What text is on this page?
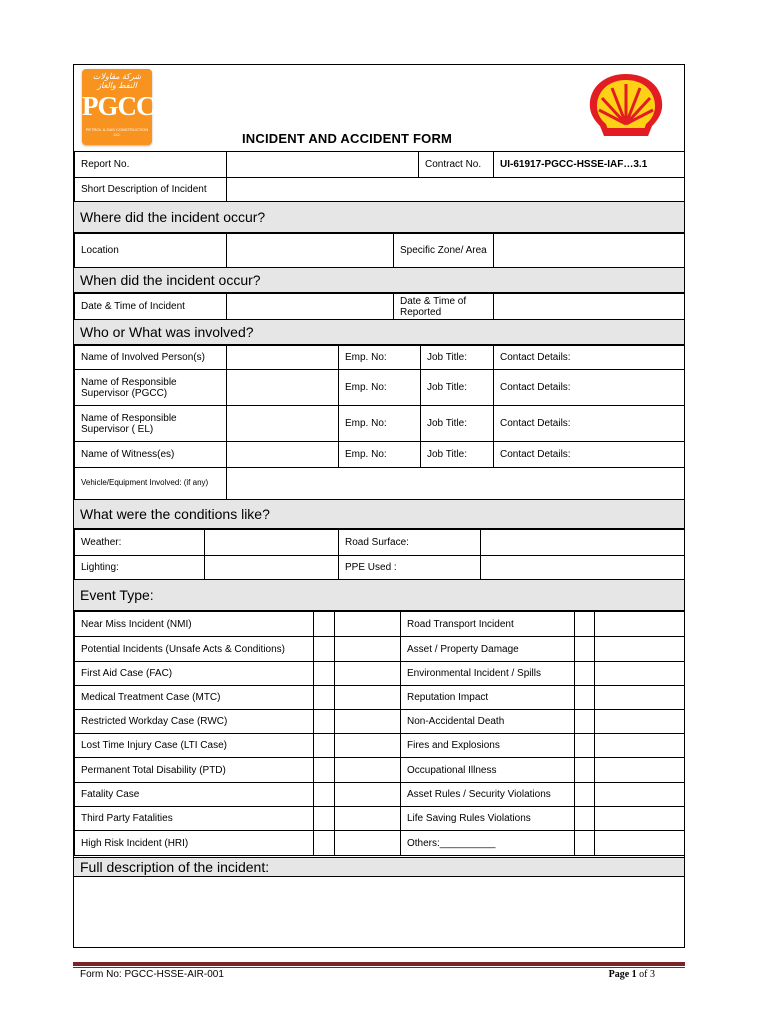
شركة مقاولات النفط والغاز
PGCC
PETROL & GAS CONSTRUCTION CO.	INCIDENT AND ACCIDENT FORM
Report No.		Contract No.	UI-61917-PGCC-HSSE-IAF…3.1
Short Description of Incident			
Where did the incident occur?
Location		Specific Zone/ Area	
When did the incident occur?
Date & Time of Incident		Date & Time of Reported	
Who or What was involved?
Name of Involved Person(s)		Emp. No:	Job Title:	Contact Details:
Name of Responsible Supervisor (PGCC)		Emp. No:	Job Title:	Contact Details:
Name of Responsible Supervisor ( EL)		Emp. No:	Job Title:	Contact Details:
Name of Witness(es)		Emp. No:	Job Title:	Contact Details:
Vehicle/Equipment Involved: (if any)				
What were the conditions like?
Weather:		Road Surface:	
Lighting:		PPE Used :	
Event Type:
Near Miss Incident (NMI)			Road Transport Incident		
Potential Incidents (Unsafe Acts & Conditions)			Asset / Property Damage		
First Aid Case (FAC)			Environmental Incident / Spills		
Medical Treatment Case (MTC)			Reputation Impact		
Restricted Workday Case (RWC)			Non-Accidental Death		
Lost Time Injury Case (LTI Case)			Fires and Explosions		
Permanent Total Disability (PTD)			Occupational Illness		
Fatality Case			Asset Rules / Security Violations		
Third Party Fatalities			Life Saving Rules Violations		
High Risk Incident (HRI)			Others:__________		
Full description of the incident:
Form No: PGCC-HSSE-AIR-001	Page 1 of 3
